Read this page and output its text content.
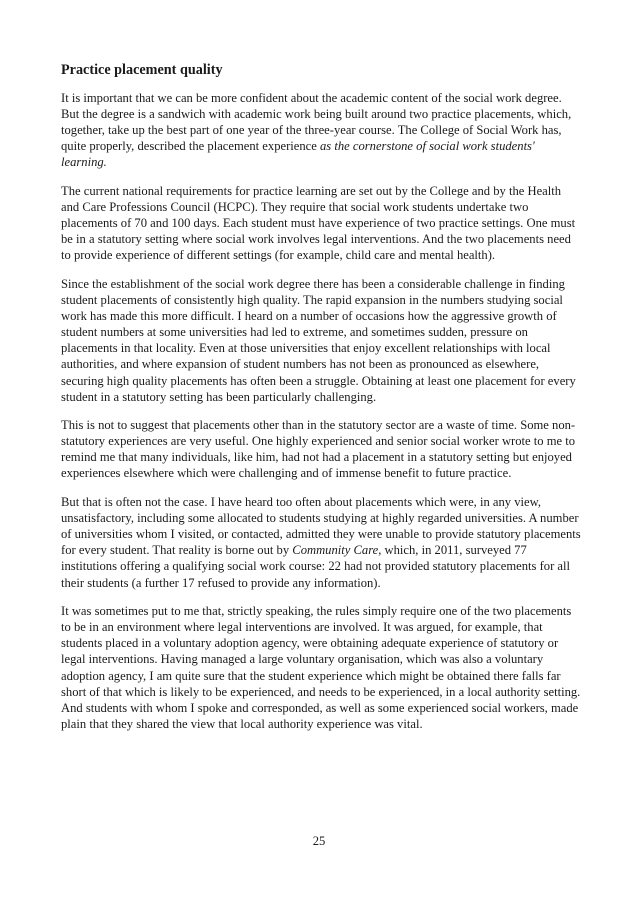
Practice placement quality

It is important that we can be more confident about the academic content of the social work degree. But the degree is a sandwich with academic work being built around two practice placements, which, together, take up the best part of one year of the three-year course. The College of Social Work has, quite properly, described the placement experience as the cornerstone of social work students' learning.

The current national requirements for practice learning are set out by the College and by the Health and Care Professions Council (HCPC). They require that social work students undertake two placements of 70 and 100 days. Each student must have experience of two practice settings. One must be in a statutory setting where social work involves legal interventions. And the two placements need to provide experience of different settings (for example, child care and mental health).

Since the establishment of the social work degree there has been a considerable challenge in finding student placements of consistently high quality. The rapid expansion in the numbers studying social work has made this more difficult. I heard on a number of occasions how the aggressive growth of student numbers at some universities had led to extreme, and sometimes sudden, pressure on placements in that locality. Even at those universities that enjoy excellent relationships with local authorities, and where expansion of student numbers has not been as pronounced as elsewhere, securing high quality placements has often been a struggle. Obtaining at least one placement for every student in a statutory setting has been particularly challenging.

This is not to suggest that placements other than in the statutory sector are a waste of time. Some non-statutory experiences are very useful. One highly experienced and senior social worker wrote to me to remind me that many individuals, like him, had not had a placement in a statutory setting but enjoyed experiences elsewhere which were challenging and of immense benefit to future practice.

But that is often not the case. I have heard too often about placements which were, in any view, unsatisfactory, including some allocated to students studying at highly regarded universities. A number of universities whom I visited, or contacted, admitted they were unable to provide statutory placements for every student. That reality is borne out by Community Care, which, in 2011, surveyed 77 institutions offering a qualifying social work course: 22 had not provided statutory placements for all their students (a further 17 refused to provide any information).

It was sometimes put to me that, strictly speaking, the rules simply require one of the two placements to be in an environment where legal interventions are involved. It was argued, for example, that students placed in a voluntary adoption agency, were obtaining adequate experience of statutory or legal interventions. Having managed a large voluntary organisation, which was also a voluntary adoption agency, I am quite sure that the student experience which might be obtained there falls far short of that which is likely to be experienced, and needs to be experienced, in a local authority setting. And students with whom I spoke and corresponded, as well as some experienced social workers, made plain that they shared the view that local authority experience was vital.

25
